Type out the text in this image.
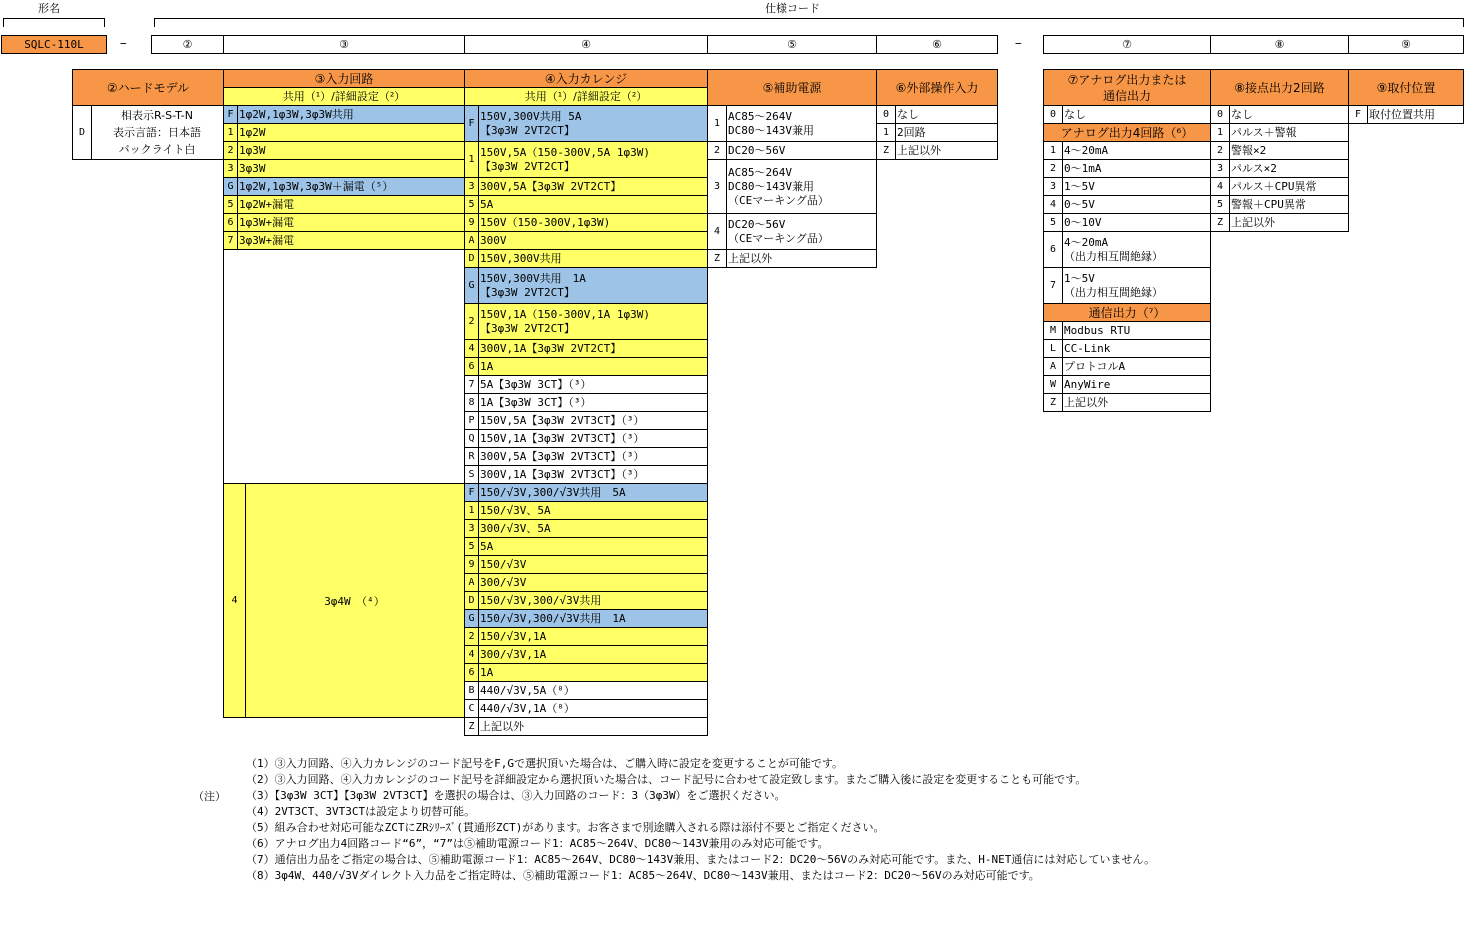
形名	仕様コード
SQLC-110L	−	−
②	③	④	⑤	⑥	⑦	⑧	⑨
②ハードモデル
③入力回路
共用（¹）/詳細設定（²）
④入力カレンジ
共用（¹）/詳細設定（²）
⑤補助電源	⑥外部操作入力
⑦アナログ出力または
通信出力
⑧接点出力2回路	⑨取付位置
D
相表示R-S-T-N
表示言語：日本語
バックライト白
F 1φ2W,1φ3W,3φ3W共用
1 1φ2W
2 1φ3W
3 3φ3W
G 1φ2W,1φ3W,3φ3W＋漏電（⁵）
5 1φ2W+漏電
6 1φ3W+漏電
7 3φ3W+漏電
4	3φ4W　（⁴）
F
150V,300V共用 5A
【3φ3W 2VT2CT】
1
150V,5A（150-300V,5A 1φ3W)
【3φ3W 2VT2CT】
3 300V,5A【3φ3W 2VT2CT】
5 5A
9 150V（150-300V,1φ3W)
A 300V
D 150V,300V共用
G
150V,300V共用　1A
【3φ3W 2VT2CT】
2
150V,1A（150-300V,1A 1φ3W)
【3φ3W 2VT2CT】
4 300V,1A【3φ3W 2VT2CT】
6 1A
7 5A【3φ3W 3CT】（³）
8 1A【3φ3W 3CT】（³）
P 150V,5A【3φ3W 2VT3CT】（³）
Q 150V,1A【3φ3W 2VT3CT】（³）
R 300V,5A【3φ3W 2VT3CT】（³）
S 300V,1A【3φ3W 2VT3CT】（³）
F 150/√3V,300/√3V共用　5A
1 150/√3V、5A
3 300/√3V、5A
5 5A
9 150/√3V
A 300/√3V
D 150/√3V,300/√3V共用
G 150/√3V,300/√3V共用　1A
2 150/√3V,1A
4 300/√3V,1A
6 1A
B 440/√3V,5A（⁸）
C 440/√3V,1A（⁸）
Z 上記以外
1
AC85～264V
DC80～143V兼用
2 DC20～56V
3
AC85～264V
DC80～143V兼用
（CEマーキング品）
4
DC20～56V
（CEマーキング品）
Z 上記以外
0 なし
1 2回路
Z 上記以外
0 なし
アナログ出力4回路（⁶）
1 4～20mA
2 0～1mA
3 1～5V
4 0～5V
5 0～10V
6
4～20mA
（出力相互間絶縁）
7
1～5V
（出力相互間絶縁）
通信出力（⁷）
M Modbus RTU
L CC-Link
A プロトコルA
W AnyWire
Z 上記以外
0 なし
1 パルス＋警報
2 警報×2
3 パルス×2
4 パルス＋CPU異常
5 警報＋CPU異常
Z 上記以外
F 取付位置共用
（注）
（1）③入力回路、④入力カレンジのコード記号をF,Gで選択頂いた場合は、ご購入時に設定を変更することが可能です。
（2）③入力回路、④入力カレンジのコード記号を詳細設定から選択頂いた場合は、コード記号に合わせて設定致します。またご購入後に設定を変更することも可能です。
（3）【3φ3W 3CT】【3φ3W 2VT3CT】を選択の場合は、③入力回路のコード：3（3φ3W）をご選択ください。
（4）2VT3CT、3VT3CTは設定より切替可能。
（5）組み合わせ対応可能なZCTにZRｼﾘｰｽﾞ(貫通形ZCT)があります。お客さまで別途購入される際は添付不要とご指定ください。
（6）アナログ出力4回路コード“6”，“7”は⑤補助電源コード1：AC85～264V、DC80～143V兼用のみ対応可能です。
（7）通信出力品をご指定の場合は、⑤補助電源コード1：AC85～264V、DC80～143V兼用、またはコード2：DC20～56Vのみ対応可能です。また、H-NET通信には対応していません。
（8）3φ4W、440/√3Vダイレクト入力品をご指定時は、⑤補助電源コード1：AC85～264V、DC80～143V兼用、またはコード2：DC20～56Vのみ対応可能です。
